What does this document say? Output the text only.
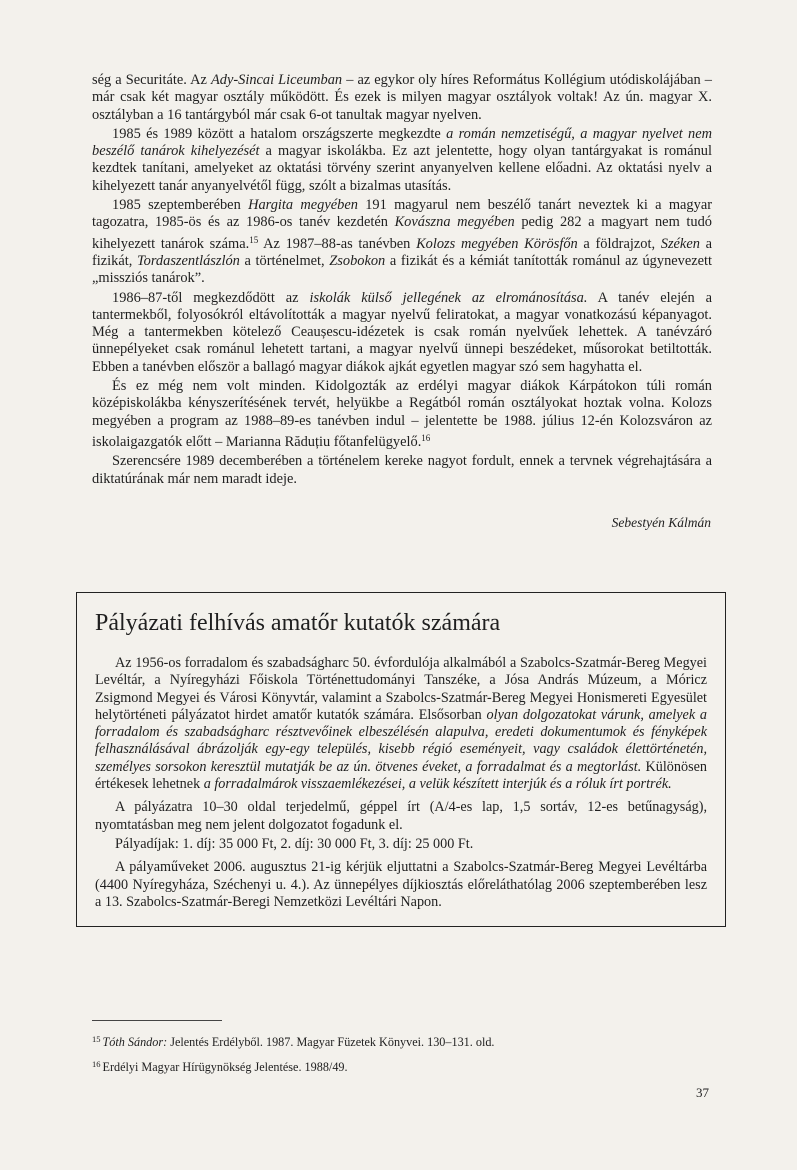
ség a Securitáte. Az Ady-Sincai Liceumban – az egykor oly híres Református Kollégium utódiskolájában – már csak két magyar osztály működött. És ezek is milyen magyar osztályok voltak! Az ún. magyar X. osztályban a 16 tantárgyból már csak 6-ot tanultak magyar nyelven.

1985 és 1989 között a hatalom országszerte megkezdte a román nemzetiségű, a magyar nyelvet nem beszélő tanárok kihelyezését a magyar iskolákba. Ez azt jelentette, hogy olyan tantárgyakat is románul kezdtek tanítani, amelyeket az oktatási törvény szerint anyanyelven kellene előadni. Az oktatási nyelv a kihelyezett tanár anyanyelvétől függ, szólt a bizalmas utasítás.

1985 szeptemberében Hargita megyében 191 magyarul nem beszélő tanárt neveztek ki a magyar tagozatra, 1985-ös és az 1986-os tanév kezdetén Kovászna megyében pedig 282 a magyart nem tudó kihelyezett tanárok száma.$^{15}$ Az 1987–88-as tanévben Kolozs megyében Körösfőn a földrajzot, Széken a fizikát, Tordaszentlászlón a történelmet, Zsobokon a fizikát és a kémiát tanították románul az úgynevezett „missziós tanárok”.

1986–87-től megkezdődött az iskolák külső jellegének az elrománosítása. A tanév elején a tantermekből, folyosókról eltávolították a magyar nyelvű feliratokat, a magyar vonatkozású képanyagot. Még a tantermekben kötelező Ceaușescu-idézetek is csak román nyelvűek lehettek. A tanévzáró ünnepélyeket csak románul lehetett tartani, a magyar nyelvű ünnepi beszédeket, műsorokat betiltották. Ebben a tanévben először a ballagó magyar diákok ajkát egyetlen magyar szó sem hagyhatta el.

És ez még nem volt minden. Kidolgozták az erdélyi magyar diákok Kárpátokon túli román középiskolákba kényszerítésének tervét, helyükbe a Regátból román osztályokat hoztak volna. Kolozs megyében a program az 1988–89-es tanévben indul – jelentette be 1988. július 12-én Kolozsváron az iskolaigazgatók előtt – Marianna Răduțiu főtanfelügyelő.$^{16}$

Szerencsére 1989 decemberében a történelem kereke nagyot fordult, ennek a tervnek végrehajtására a diktatúrának már nem maradt ideje.

Sebestyén Kálmán
Pályázati felhívás amatőr kutatók számára

Az 1956-os forradalom és szabadságharc 50. évfordulója alkalmából a Szabolcs-Szatmár-Bereg Megyei Levéltár, a Nyíregyházi Főiskola Történettudományi Tanszéke, a Jósa András Múzeum, a Móricz Zsigmond Megyei és Városi Könyvtár, valamint a Szabolcs-Szatmár-Bereg Megyei Honismereti Egyesület helytörténeti pályázatot hirdet amatőr kutatók számára. Elsősorban olyan dolgozatokat várunk, amelyek a forradalom és szabadságharc résztvevőinek elbeszélésén alapulva, eredeti dokumentumok és fényképek felhasználásával ábrázolják egy-egy település, kisebb régió eseményeit, vagy családok élettörténetén, személyes sorsokon keresztül mutatják be az ún. ötvenes éveket, a forradalmat és a megtorlást. Különösen értékesek lehetnek a forradalmárok visszaemlékezései, a velük készített interjúk és a róluk írt portrék.

A pályázatra 10–30 oldal terjedelmű, géppel írt (A/4-es lap, 1,5 sortáv, 12-es betűnagyság), nyomtatásban meg nem jelent dolgozatot fogadunk el.

Pályadíjak: 1. díj: 35 000 Ft, 2. díj: 30 000 Ft, 3. díj: 25 000 Ft.

A pályaműveket 2006. augusztus 21-ig kérjük eljuttatni a Szabolcs-Szatmár-Bereg Megyei Levéltárba (4400 Nyíregyháza, Széchenyi u. 4.). Az ünnepélyes díjkiosztás előreláthatólag 2006 szeptemberében lesz a 13. Szabolcs-Szatmár-Beregi Nemzetközi Levéltári Napon.

$^{15}$ Tóth Sándor: Jelentés Erdélyből. 1987. Magyar Füzetek Könyvei. 130–131. old.
$^{16}$ Erdélyi Magyar Hírügynökség Jelentése. 1988/49.
37
